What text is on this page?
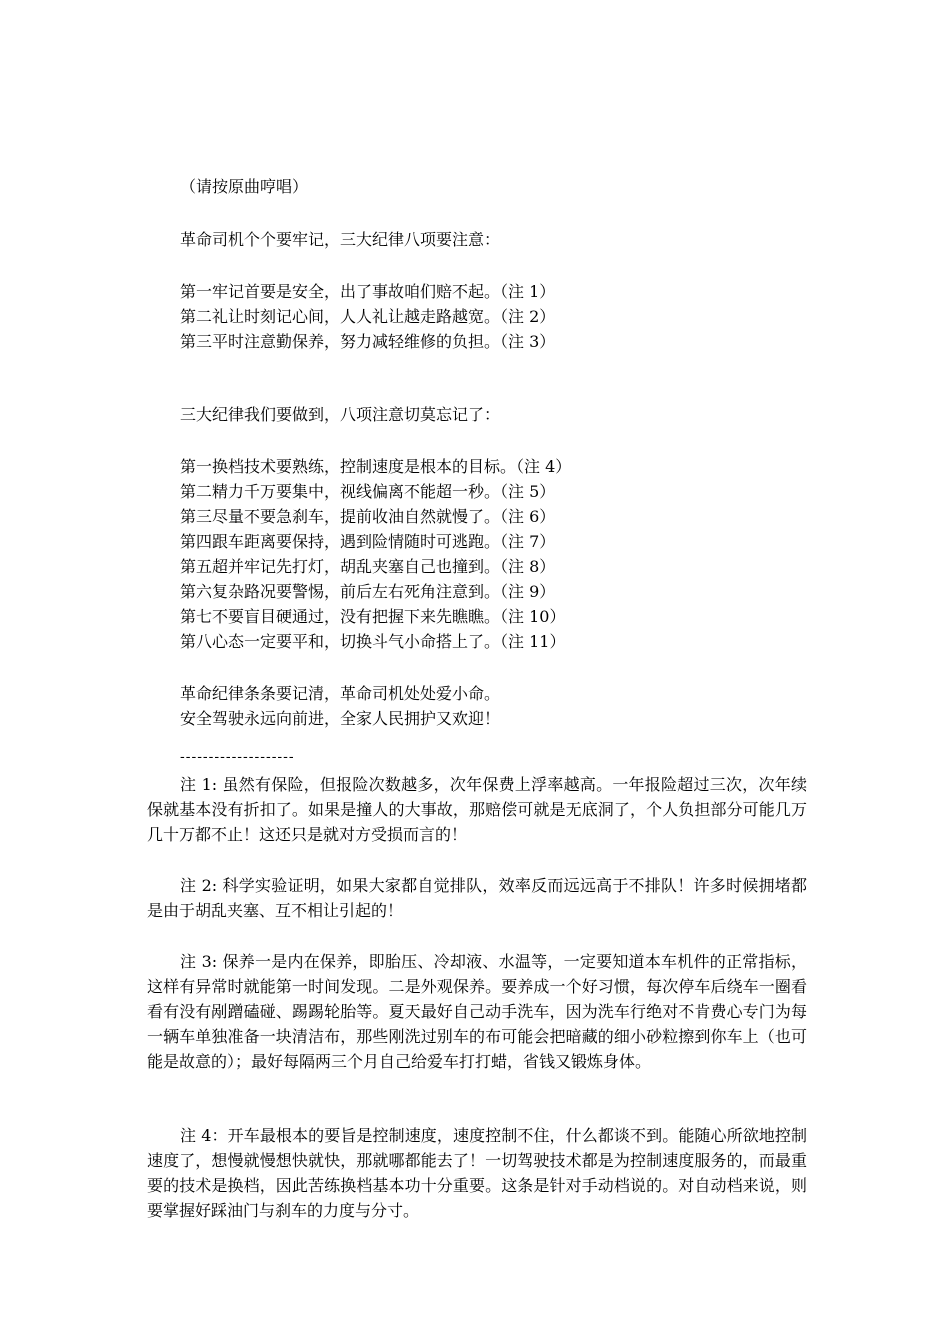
（请按原曲哼唱）
革命司机个个要牢记，三大纪律八项要注意：
第一牢记首要是安全，出了事故咱们赔不起。（注 1）
第二礼让时刻记心间，人人礼让越走路越宽。（注 2）
第三平时注意勤保养，努力减轻维修的负担。（注 3）
三大纪律我们要做到，八项注意切莫忘记了：
第一换档技术要熟练，控制速度是根本的目标。（注 4）
第二精力千万要集中，视线偏离不能超一秒。（注 5）
第三尽量不要急刹车，提前收油自然就慢了。（注 6）
第四跟车距离要保持，遇到险情随时可逃跑。（注 7）
第五超并牢记先打灯，胡乱夹塞自己也撞到。（注 8）
第六复杂路况要警惕，前后左右死角注意到。（注 9）
第七不要盲目硬通过，没有把握下来先瞧瞧。（注 10）
第八心态一定要平和，切换斗气小命搭上了。（注 11）
革命纪律条条要记清，革命司机处处爱小命。
安全驾驶永远向前进，全家人民拥护又欢迎！
--------------------
注 1: 虽然有保险，但报险次数越多，次年保费上浮率越高。一年报险超过三次，次年续保就基本没有折扣了。如果是撞人的大事故，那赔偿可就是无底洞了，个人负担部分可能几万几十万都不止！这还只是就对方受损而言的！
注 2: 科学实验证明，如果大家都自觉排队，效率反而远远高于不排队！许多时候拥堵都是由于胡乱夹塞、互不相让引起的！
注 3: 保养一是内在保养，即胎压、冷却液、水温等，一定要知道本车机件的正常指标，这样有异常时就能第一时间发现。二是外观保养。要养成一个好习惯，每次停车后绕车一圈看看有没有剐蹭磕碰、踢踢轮胎等。夏天最好自己动手洗车，因为洗车行绝对不肯费心专门为每一辆车单独准备一块清洁布，那些刚洗过别车的布可能会把暗藏的细小砂粒擦到你车上（也可能是故意的）；最好每隔两三个月自己给爱车打打蜡，省钱又锻炼身体。
注 4：开车最根本的要旨是控制速度，速度控制不住，什么都谈不到。能随心所欲地控制速度了，想慢就慢想快就快，那就哪都能去了！一切驾驶技术都是为控制速度服务的，而最重要的技术是换档，因此苦练换档基本功十分重要。这条是针对手动档说的。对自动档来说，则要掌握好踩油门与刹车的力度与分寸。
